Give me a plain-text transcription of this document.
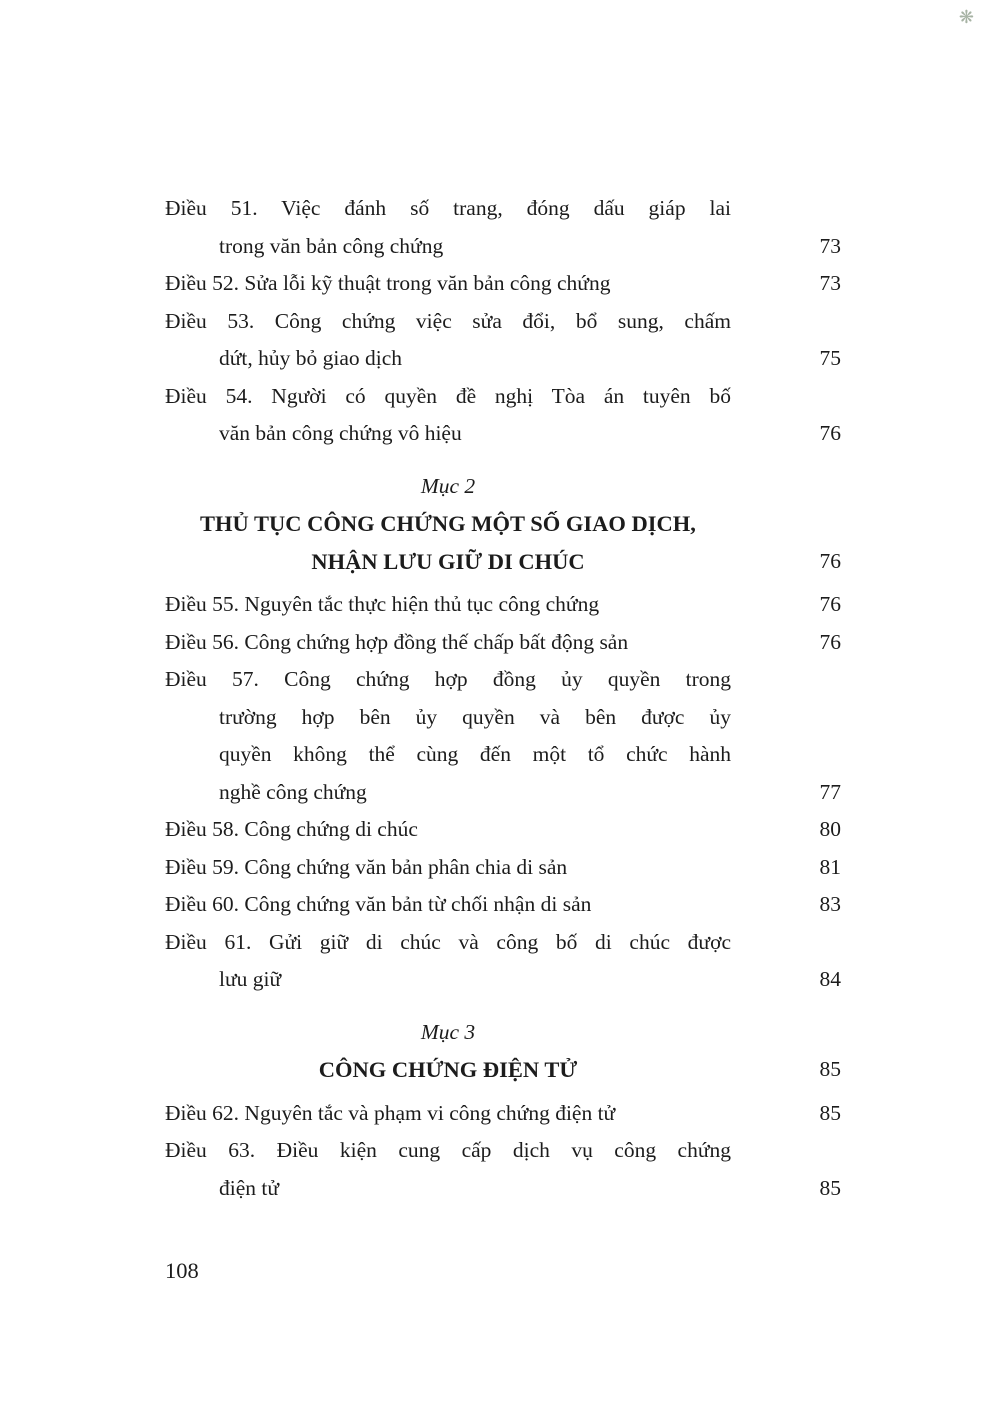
❋
Điều 51. Việc đánh số trang, đóng dấu giáp lai
trong văn bản công chứng	73
Điều 52. Sửa lỗi kỹ thuật trong văn bản công chứng	73
Điều 53. Công chứng việc sửa đổi, bổ sung, chấm
dứt, hủy bỏ giao dịch	75
Điều 54. Người có quyền đề nghị Tòa án tuyên bố
văn bản công chứng vô hiệu	76
Mục 2
THỦ TỤC CÔNG CHỨNG MỘT SỐ GIAO DỊCH,
NHẬN LƯU GIỮ DI CHÚC	76
Điều 55. Nguyên tắc thực hiện thủ tục công chứng	76
Điều 56. Công chứng hợp đồng thế chấp bất động sản	76
Điều 57. Công chứng hợp đồng ủy quyền trong
trường hợp bên ủy quyền và bên được ủy
quyền không thể cùng đến một tổ chức hành
nghề công chứng	77
Điều 58. Công chứng di chúc	80
Điều 59. Công chứng văn bản phân chia di sản	81
Điều 60. Công chứng văn bản từ chối nhận di sản	83
Điều 61. Gửi giữ di chúc và công bố di chúc được
lưu giữ	84
Mục 3
CÔNG CHỨNG ĐIỆN TỬ	85
Điều 62. Nguyên tắc và phạm vi công chứng điện tử	85
Điều 63. Điều kiện cung cấp dịch vụ công chứng
điện tử	85
108
